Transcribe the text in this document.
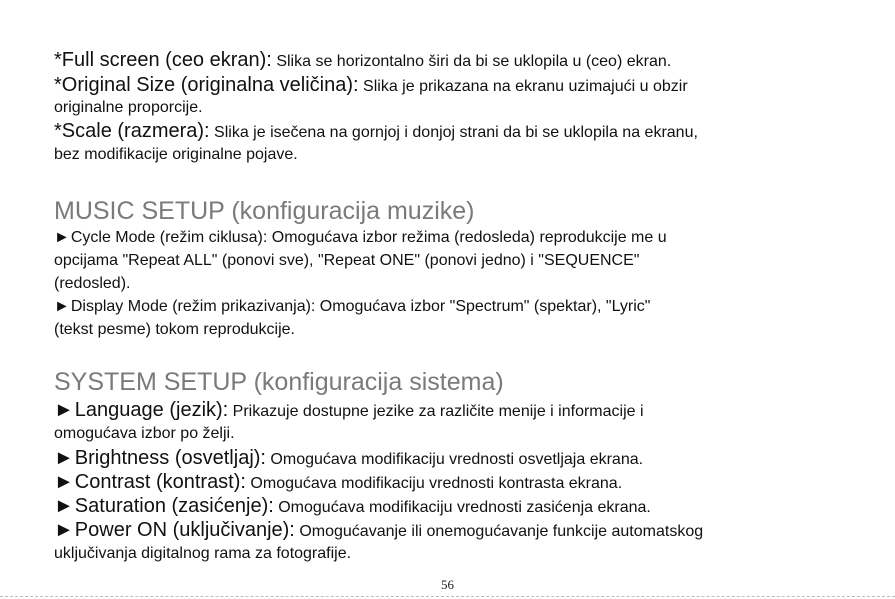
*Full screen (ceo ekran): Slika se horizontalno širi da bi se uklopila u (ceo) ekran.
*Original Size (originalna veličina): Slika je prikazana na ekranu uzimajući u obzir
originalne proporcije.
*Scale (razmera): Slika je isečena na gornjoj i donjoj strani da bi se uklopila na ekranu,
bez modifikacije originalne pojave.
MUSIC SETUP (konfiguracija muzike)
►Cycle Mode (režim ciklusa): Omogućava izbor režima (redosleda) reprodukcije me u
opcijama "Repeat ALL" (ponovi sve), "Repeat ONE" (ponovi jedno) i "SEQUENCE"
(redosled).
►Display Mode (režim prikazivanja): Omogućava izbor "Spectrum" (spektar), "Lyric"
(tekst pesme) tokom reprodukcije.
SYSTEM SETUP (konfiguracija sistema)
►Language (jezik): Prikazuje dostupne jezike za različite menije i informacije i
omogućava izbor po želji.
►Brightness (osvetljaj): Omogućava modifikaciju vrednosti osvetljaja ekrana.
►Contrast (kontrast): Omogućava modifikaciju vrednosti kontrasta ekrana.
►Saturation (zasićenje): Omogućava modifikaciju vrednosti zasićenja ekrana.
►Power ON (uključivanje): Omogućavanje ili onemogućavanje funkcije automatskog
uključivanja digitalnog rama za fotografije.
56
